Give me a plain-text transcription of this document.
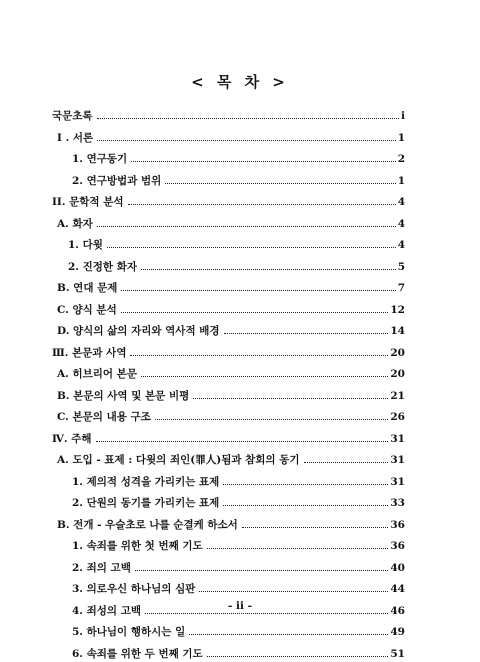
< 목 차 >
국문초록	i
I . 서론	1
1. 연구동기	2
2. 연구방법과 범위	1
II. 문학적 분석	4
A. 화자	4
1. 다윗	4
2. 진정한 화자	5
B. 연대 문제	7
C. 양식 분석	12
D. 양식의 삶의 자리와 역사적 배경	14
Ⅲ. 본문과 사역	20
A. 히브리어 본문	20
B. 본문의 사역 및 본문 비평	21
C. 본문의 내용 구조	26
Ⅳ. 주해	31
A. 도입 - 표제 : 다윗의 죄인(罪人)됨과 참회의 동기	31
1. 제의적 성격을 가리키는 표제	31
2. 단원의 동기를 가리키는 표제	33
B. 전개 - 우슬초로 나를 순결케 하소서	36
1. 속죄를 위한 첫 번째 기도	36
2. 죄의 고백	40
3. 의로우신 하나님의 심판	44
4. 죄성의 고백	46
5. 하나님이 행하시는 일	49
6. 속죄를 위한 두 번째 기도	51
- ii -
